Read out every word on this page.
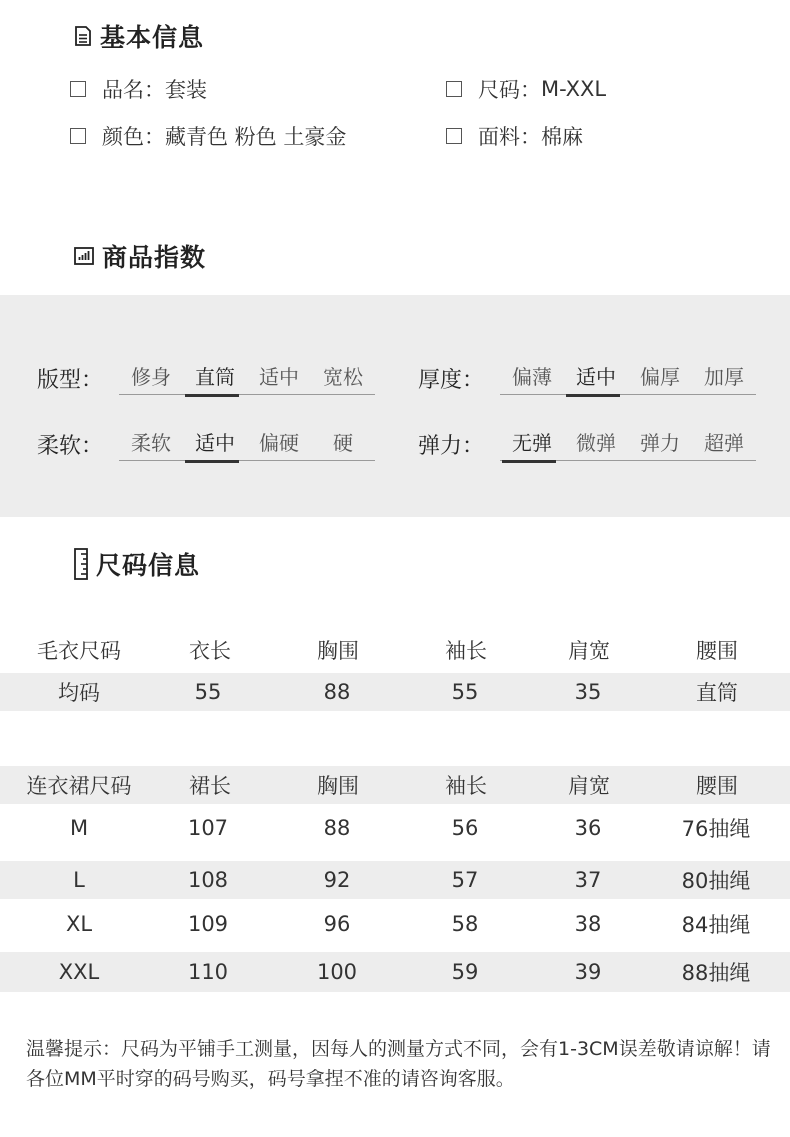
基本信息
品名： 套装	尺码： M-XXL
颜色： 藏青色 粉色 土豪金	面料： 棉麻
商品指数
版型：	修身	直筒	适中	宽松	厚度：	偏薄	适中	偏厚	加厚
柔软：	柔软	适中	偏硬	硬	弹力：	无弹	微弹	弹力	超弹
尺码信息
毛衣尺码	衣长	胸围	袖长	肩宽	腰围
均码	55	88	55	35	直筒
连衣裙尺码	裙长	胸围	袖长	肩宽	腰围
M	107	88	56	36	76抽绳
L	108	92	57	37	80抽绳
XL	109	96	58	38	84抽绳
XXL	110	100	59	39	88抽绳
温馨提示：尺码为平铺手工测量，因每人的测量方式不同，会有1-3CM误差敬请谅解！请各位MM平时穿的码号购买，码号拿捏不准的请咨询客服。
